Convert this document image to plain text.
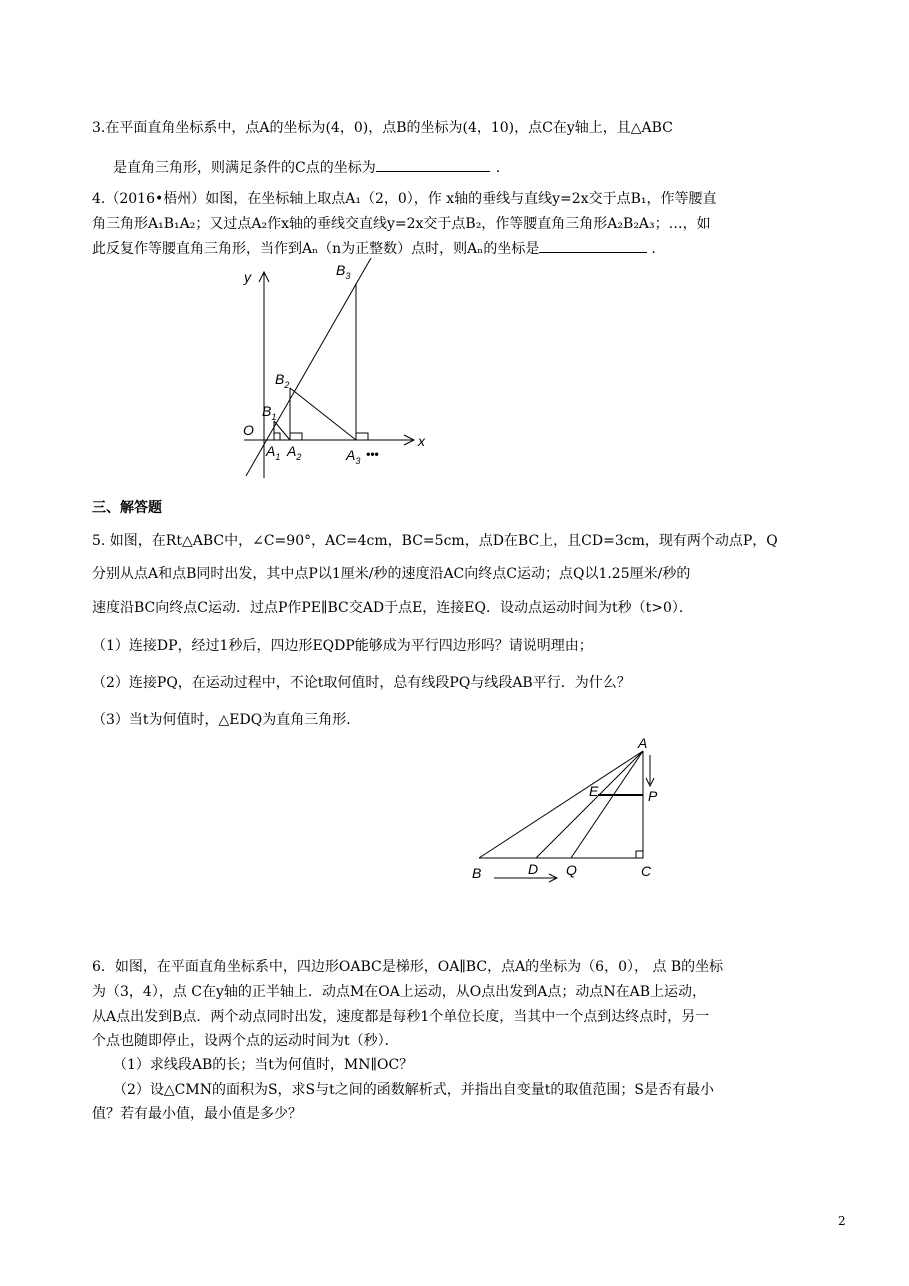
3.在平面直角坐标系中，点A的坐标为(4，0)，点B的坐标为(4，10)，点C在y轴上，且△ABC
是直角三角形，则满足条件的C点的坐标为	.
4.（2016•梧州）如图，在坐标轴上取点A₁（2，0），作 x轴的垂线与直线y=2x交于点B₁，作等腰直
角三角形A₁B₁A₂；又过点A₂作x轴的垂线交直线y=2x交于点B₂，作等腰直角三角形A₂B₂A₃；…，如
此反复作等腰直角三角形，当作到Aₙ（n为正整数）点时，则Aₙ的坐标是	.
y
x
O
$B_3$
$B_2$
$B_1$
$A_1$ $A_2$	$A_3$ •••
三、解答题
5. 如图，在Rt△ABC中，∠C=90°，AC=4cm，BC=5cm，点D在BC上，且CD=3cm，现有两个动点P，Q
分别从点A和点B同时出发，其中点P以1厘米/秒的速度沿AC向终点C运动；点Q以1.25厘米/秒的
速度沿BC向终点C运动．过点P作PE∥BC交AD于点E，连接EQ．设动点运动时间为t秒（t>0）．
（1）连接DP，经过1秒后，四边形EQDP能够成为平行四边形吗？请说明理由；
（2）连接PQ，在运动过程中，不论t取何值时，总有线段PQ与线段AB平行．为什么？
（3）当t为何值时，△EDQ为直角三角形．
A
E	P
B	D Q	C
6．如图，在平面直角坐标系中，四边形OABC是梯形，OA∥BC，点A的坐标为（6，0）， 点 B的坐标
为（3，4），点 C在y轴的正半轴上．动点M在OA上运动，从O点出发到A点；动点N在AB上运动，
从A点出发到B点．两个动点同时出发，速度都是每秒1个单位长度，当其中一个点到达终点时，另一
个点也随即停止，设两个点的运动时间为t（秒）．
（1）求线段AB的长；当t为何值时，MN∥OC？
（2）设△CMN的面积为S，求S与t之间的函数解析式，并指出自变量t的取值范围；S是否有最小
值？若有最小值，最小值是多少？
2
